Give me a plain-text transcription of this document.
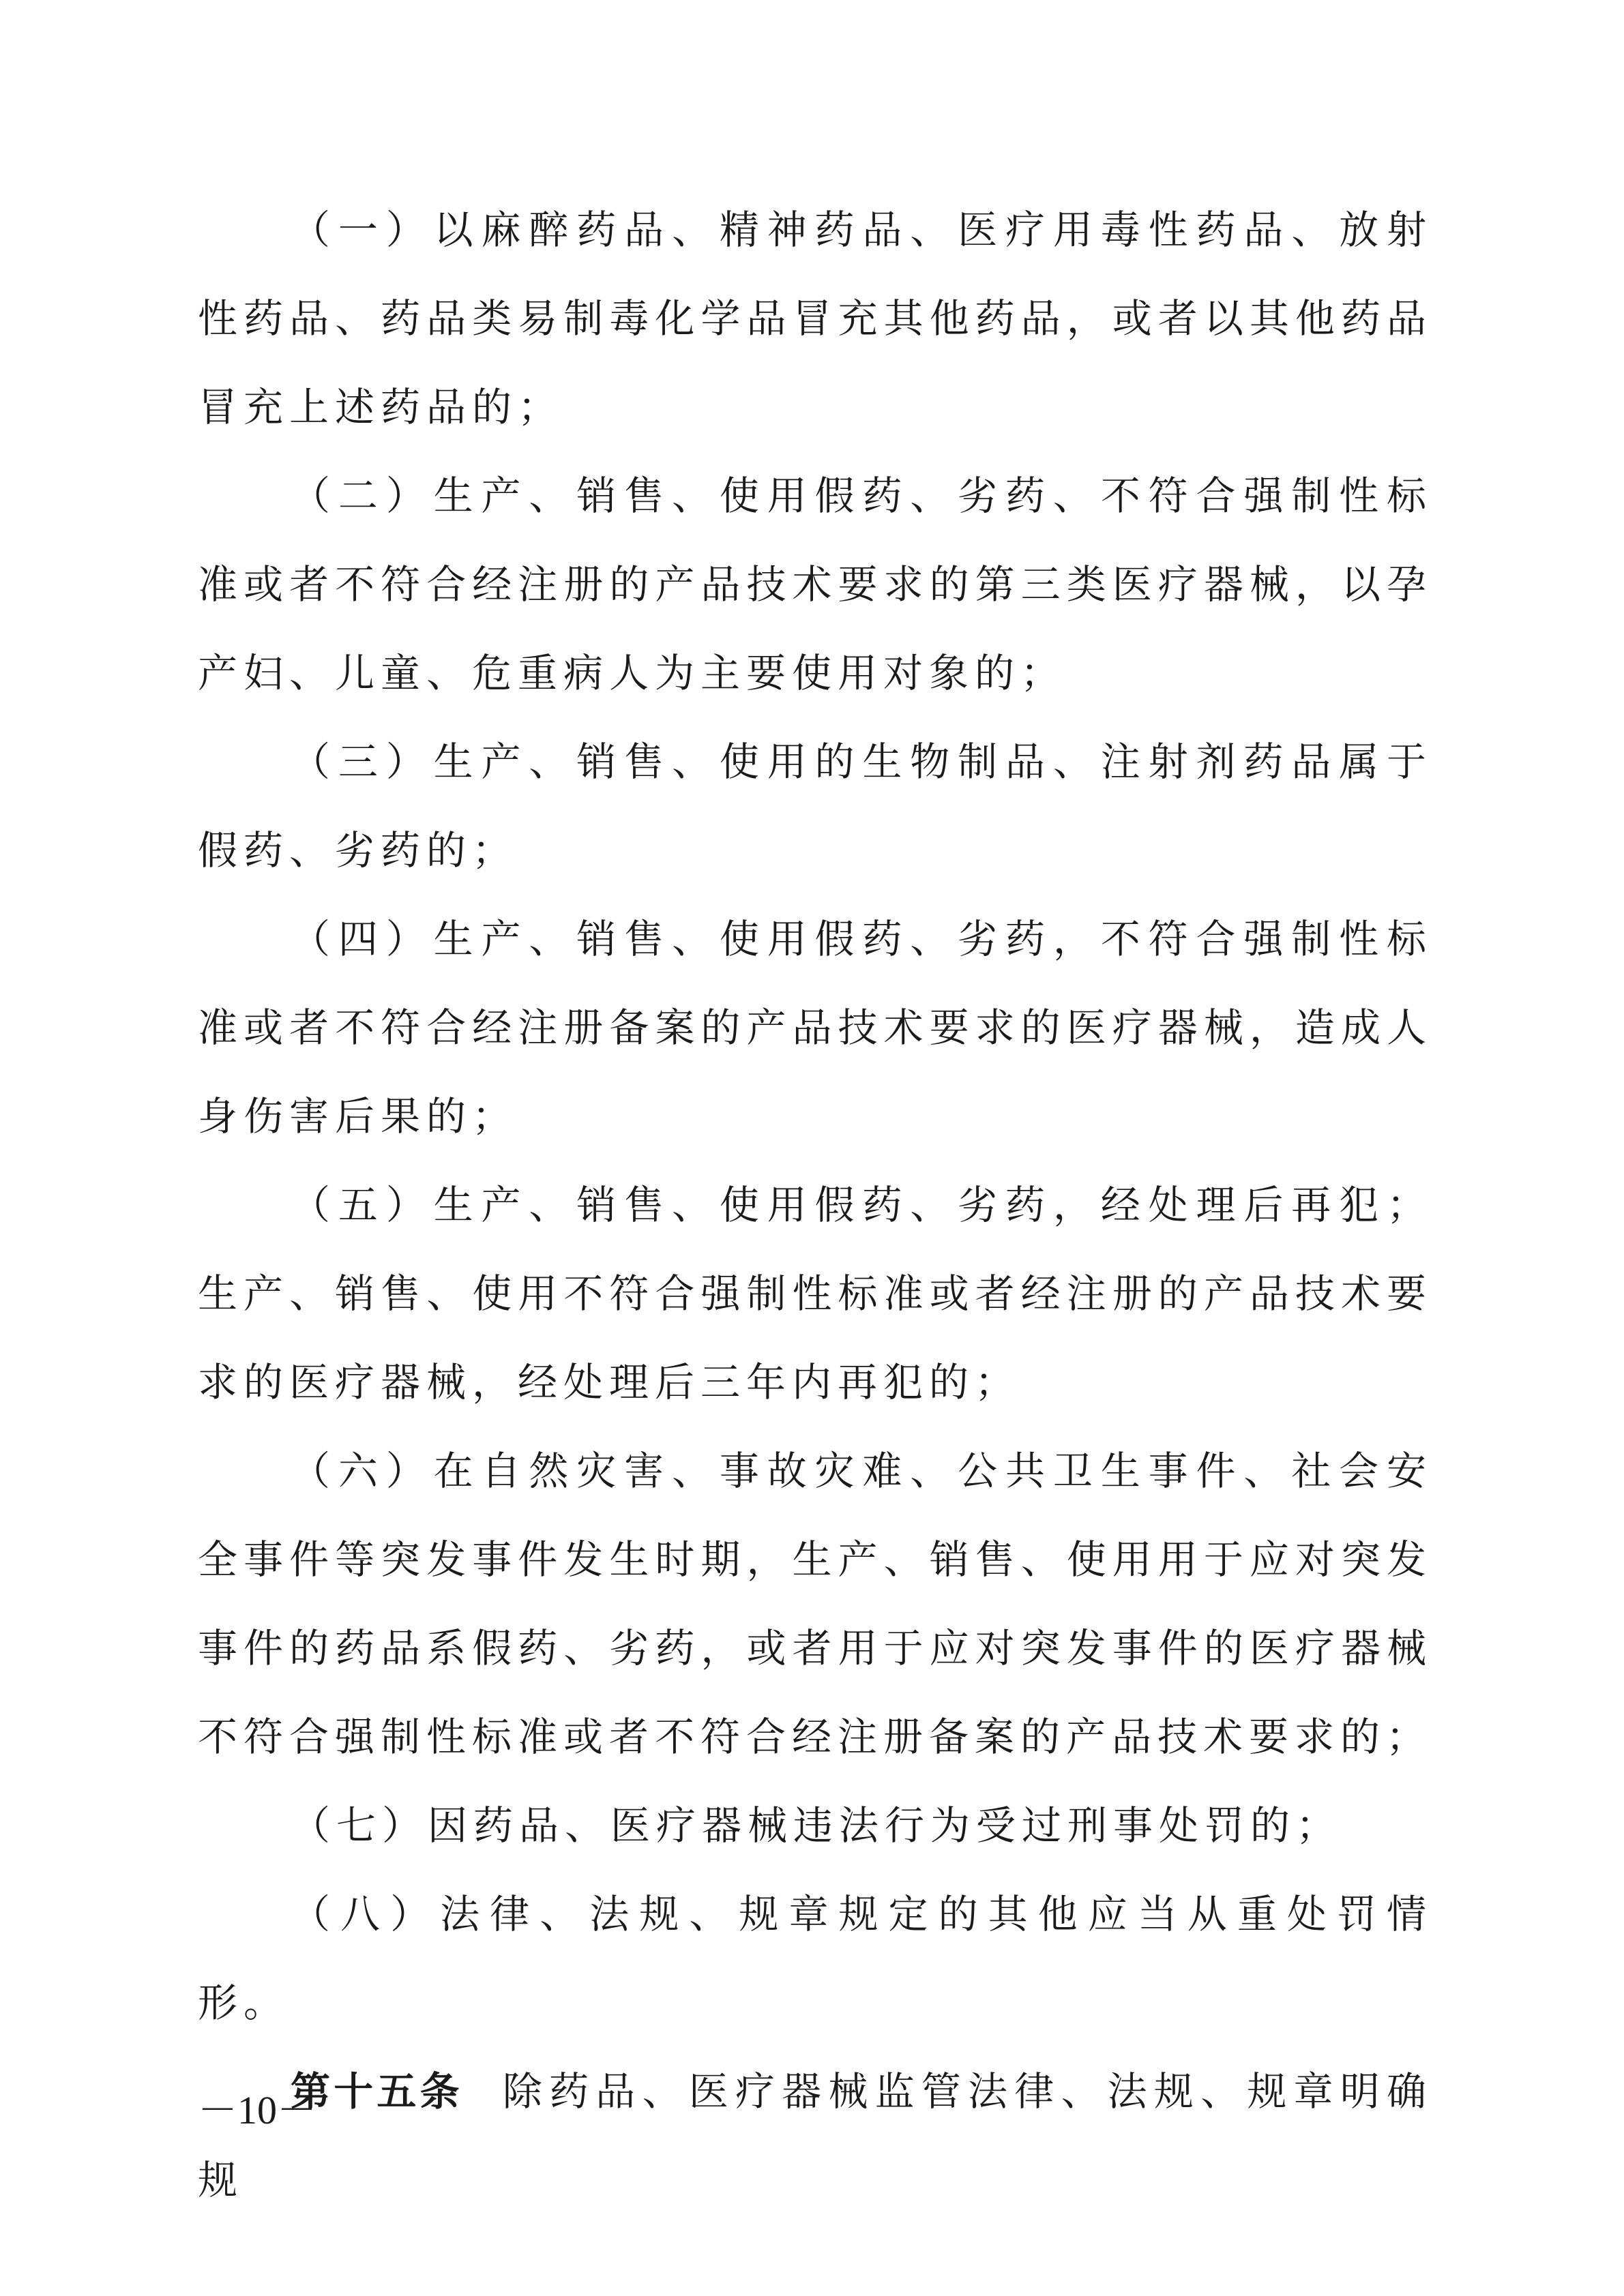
（一）以麻醉药品、精神药品、医疗用毒性药品、放射性药品、药品类易制毒化学品冒充其他药品，或者以其他药品冒充上述药品的；

（二）生产、销售、使用假药、劣药、不符合强制性标准或者不符合经注册的产品技术要求的第三类医疗器械，以孕产妇、儿童、危重病人为主要使用对象的；

（三）生产、销售、使用的生物制品、注射剂药品属于假药、劣药的；

（四）生产、销售、使用假药、劣药，不符合强制性标准或者不符合经注册备案的产品技术要求的医疗器械，造成人身伤害后果的；

（五）生产、销售、使用假药、劣药，经处理后再犯；生产、销售、使用不符合强制性标准或者经注册的产品技术要求的医疗器械，经处理后三年内再犯的；

（六）在自然灾害、事故灾难、公共卫生事件、社会安全事件等突发事件发生时期，生产、销售、使用用于应对突发事件的药品系假药、劣药，或者用于应对突发事件的医疗器械不符合强制性标准或者不符合经注册备案的产品技术要求的；

（七）因药品、医疗器械违法行为受过刑事处罚的；

（八）法律、法规、规章规定的其他应当从重处罚情形。

第十五条 除药品、医疗器械监管法律、法规、规章明确规

－10－
